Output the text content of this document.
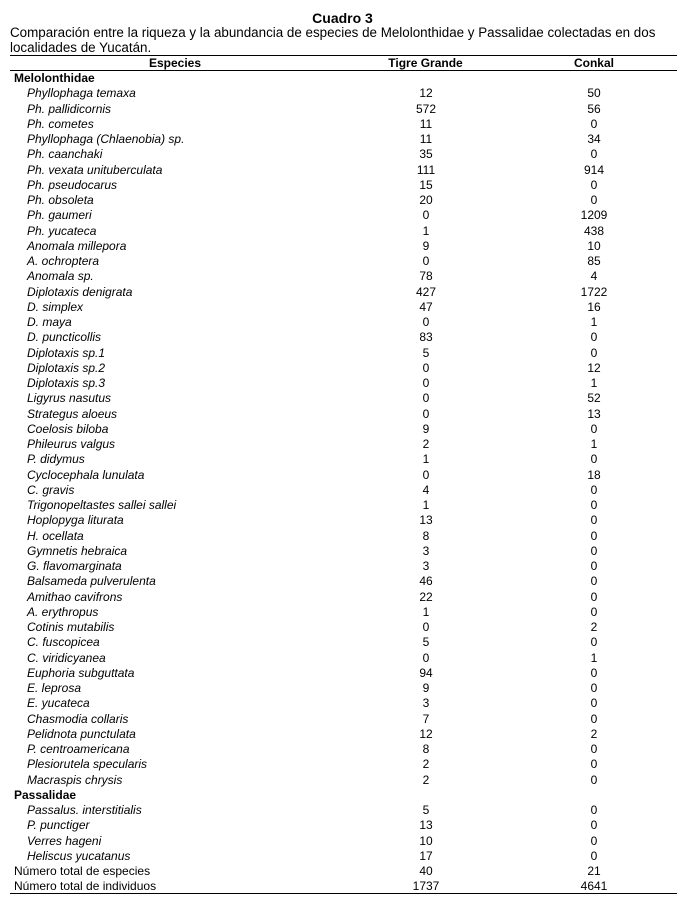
Cuadro 3
Comparación entre la riqueza y la abundancia de especies de Melolonthidae y Passalidae colectadas en dos localidades de Yucatán.
Especies	Tigre Grande	Conkal
Melolonthidae
Phyllophaga temaxa	12	50
Ph. pallidicornis	572	56
Ph. cometes	11	0
Phyllophaga (Chlaenobia) sp.	11	34
Ph. caanchaki	35	0
Ph. vexata unituberculata	111	914
Ph. pseudocarus	15	0
Ph. obsoleta	20	0
Ph. gaumeri	0	1209
Ph. yucateca	1	438
Anomala millepora	9	10
A. ochroptera	0	85
Anomala sp.	78	4
Diplotaxis denigrata	427	1722
D. simplex	47	16
D. maya	0	1
D. puncticollis	83	0
Diplotaxis sp.1	5	0
Diplotaxis sp.2	0	12
Diplotaxis sp.3	0	1
Ligyrus nasutus	0	52
Strategus aloeus	0	13
Coelosis biloba	9	0
Phileurus valgus	2	1
P. didymus	1	0
Cyclocephala lunulata	0	18
C. gravis	4	0
Trigonopeltastes sallei sallei	1	0
Hoplopyga liturata	13	0
H. ocellata	8	0
Gymnetis hebraica	3	0
G. flavomarginata	3	0
Balsameda pulverulenta	46	0
Amithao cavifrons	22	0
A. erythropus	1	0
Cotinis mutabilis	0	2
C. fuscopicea	5	0
C. viridicyanea	0	1
Euphoria subguttata	94	0
E. leprosa	9	0
E. yucateca	3	0
Chasmodia collaris	7	0
Pelidnota punctulata	12	2
P. centroamericana	8	0
Plesiorutela specularis	2	0
Macraspis chrysis	2	0
Passalidae
Passalus. interstitialis	5	0
P. punctiger	13	0
Verres hageni	10	0
Heliscus yucatanus	17	0
Número total de especies	40	21
Número total de individuos	1737	4641
